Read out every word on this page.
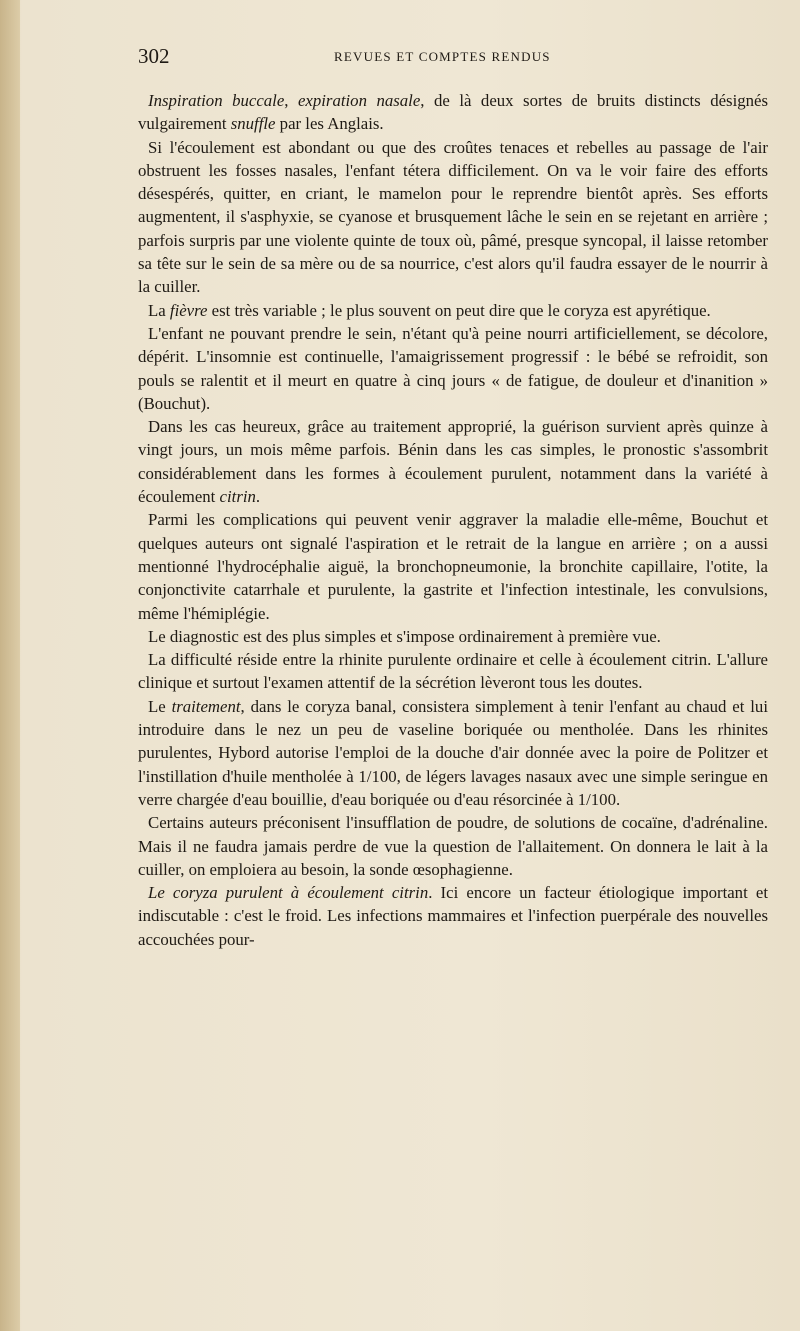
302	REVUES ET COMPTES RENDUS

Inspiration buccale, expiration nasale, de là deux sortes de bruits distincts désignés vulgairement snuffle par les Anglais.

Si l'écoulement est abondant ou que des croûtes tenaces et rebelles au passage de l'air obstruent les fosses nasales, l'enfant tétera difficilement. On va le voir faire des efforts désespérés, quitter, en criant, le mamelon pour le reprendre bientôt après. Ses efforts augmentent, il s'asphyxie, se cyanose et brusquement lâche le sein en se rejetant en arrière ; parfois surpris par une violente quinte de toux où, pâmé, presque syncopal, il laisse retomber sa tête sur le sein de sa mère ou de sa nourrice, c'est alors qu'il faudra essayer de le nourrir à la cuiller.

La fièvre est très variable ; le plus souvent on peut dire que le coryza est apyrétique.

L'enfant ne pouvant prendre le sein, n'étant qu'à peine nourri artificiellement, se décolore, dépérit. L'insomnie est continuelle, l'amaigrissement progressif : le bébé se refroidit, son pouls se ralentit et il meurt en quatre à cinq jours « de fatigue, de douleur et d'inanition » (Bouchut).

Dans les cas heureux, grâce au traitement approprié, la guérison survient après quinze à vingt jours, un mois même parfois. Bénin dans les cas simples, le pronostic s'assombrit considérablement dans les formes à écoulement purulent, notamment dans la variété à écoulement citrin.

Parmi les complications qui peuvent venir aggraver la maladie elle-même, Bouchut et quelques auteurs ont signalé l'aspiration et le retrait de la langue en arrière ; on a aussi mentionné l'hydrocéphalie aiguë, la bronchopneumonie, la bronchite capillaire, l'otite, la conjonctivite catarrhale et purulente, la gastrite et l'infection intestinale, les convulsions, même l'hémiplégie.

Le diagnostic est des plus simples et s'impose ordinairement à première vue.

La difficulté réside entre la rhinite purulente ordinaire et celle à écoulement citrin. L'allure clinique et surtout l'examen attentif de la sécrétion lèveront tous les doutes.

Le traitement, dans le coryza banal, consistera simplement à tenir l'enfant au chaud et lui introduire dans le nez un peu de vaseline boriquée ou mentholée. Dans les rhinites purulentes, Hybord autorise l'emploi de la douche d'air donnée avec la poire de Politzer et l'instillation d'huile mentholée à 1/100, de légers lavages nasaux avec une simple seringue en verre chargée d'eau bouillie, d'eau boriquée ou d'eau résorcinée à 1/100.

Certains auteurs préconisent l'insufflation de poudre, de solutions de cocaïne, d'adrénaline. Mais il ne faudra jamais perdre de vue la question de l'allaitement. On donnera le lait à la cuiller, on emploiera au besoin, la sonde œsophagienne.

Le coryza purulent à écoulement citrin. Ici encore un facteur étiologique important et indiscutable : c'est le froid. Les infections mammaires et l'infection puerpérale des nouvelles accouchées pour-
